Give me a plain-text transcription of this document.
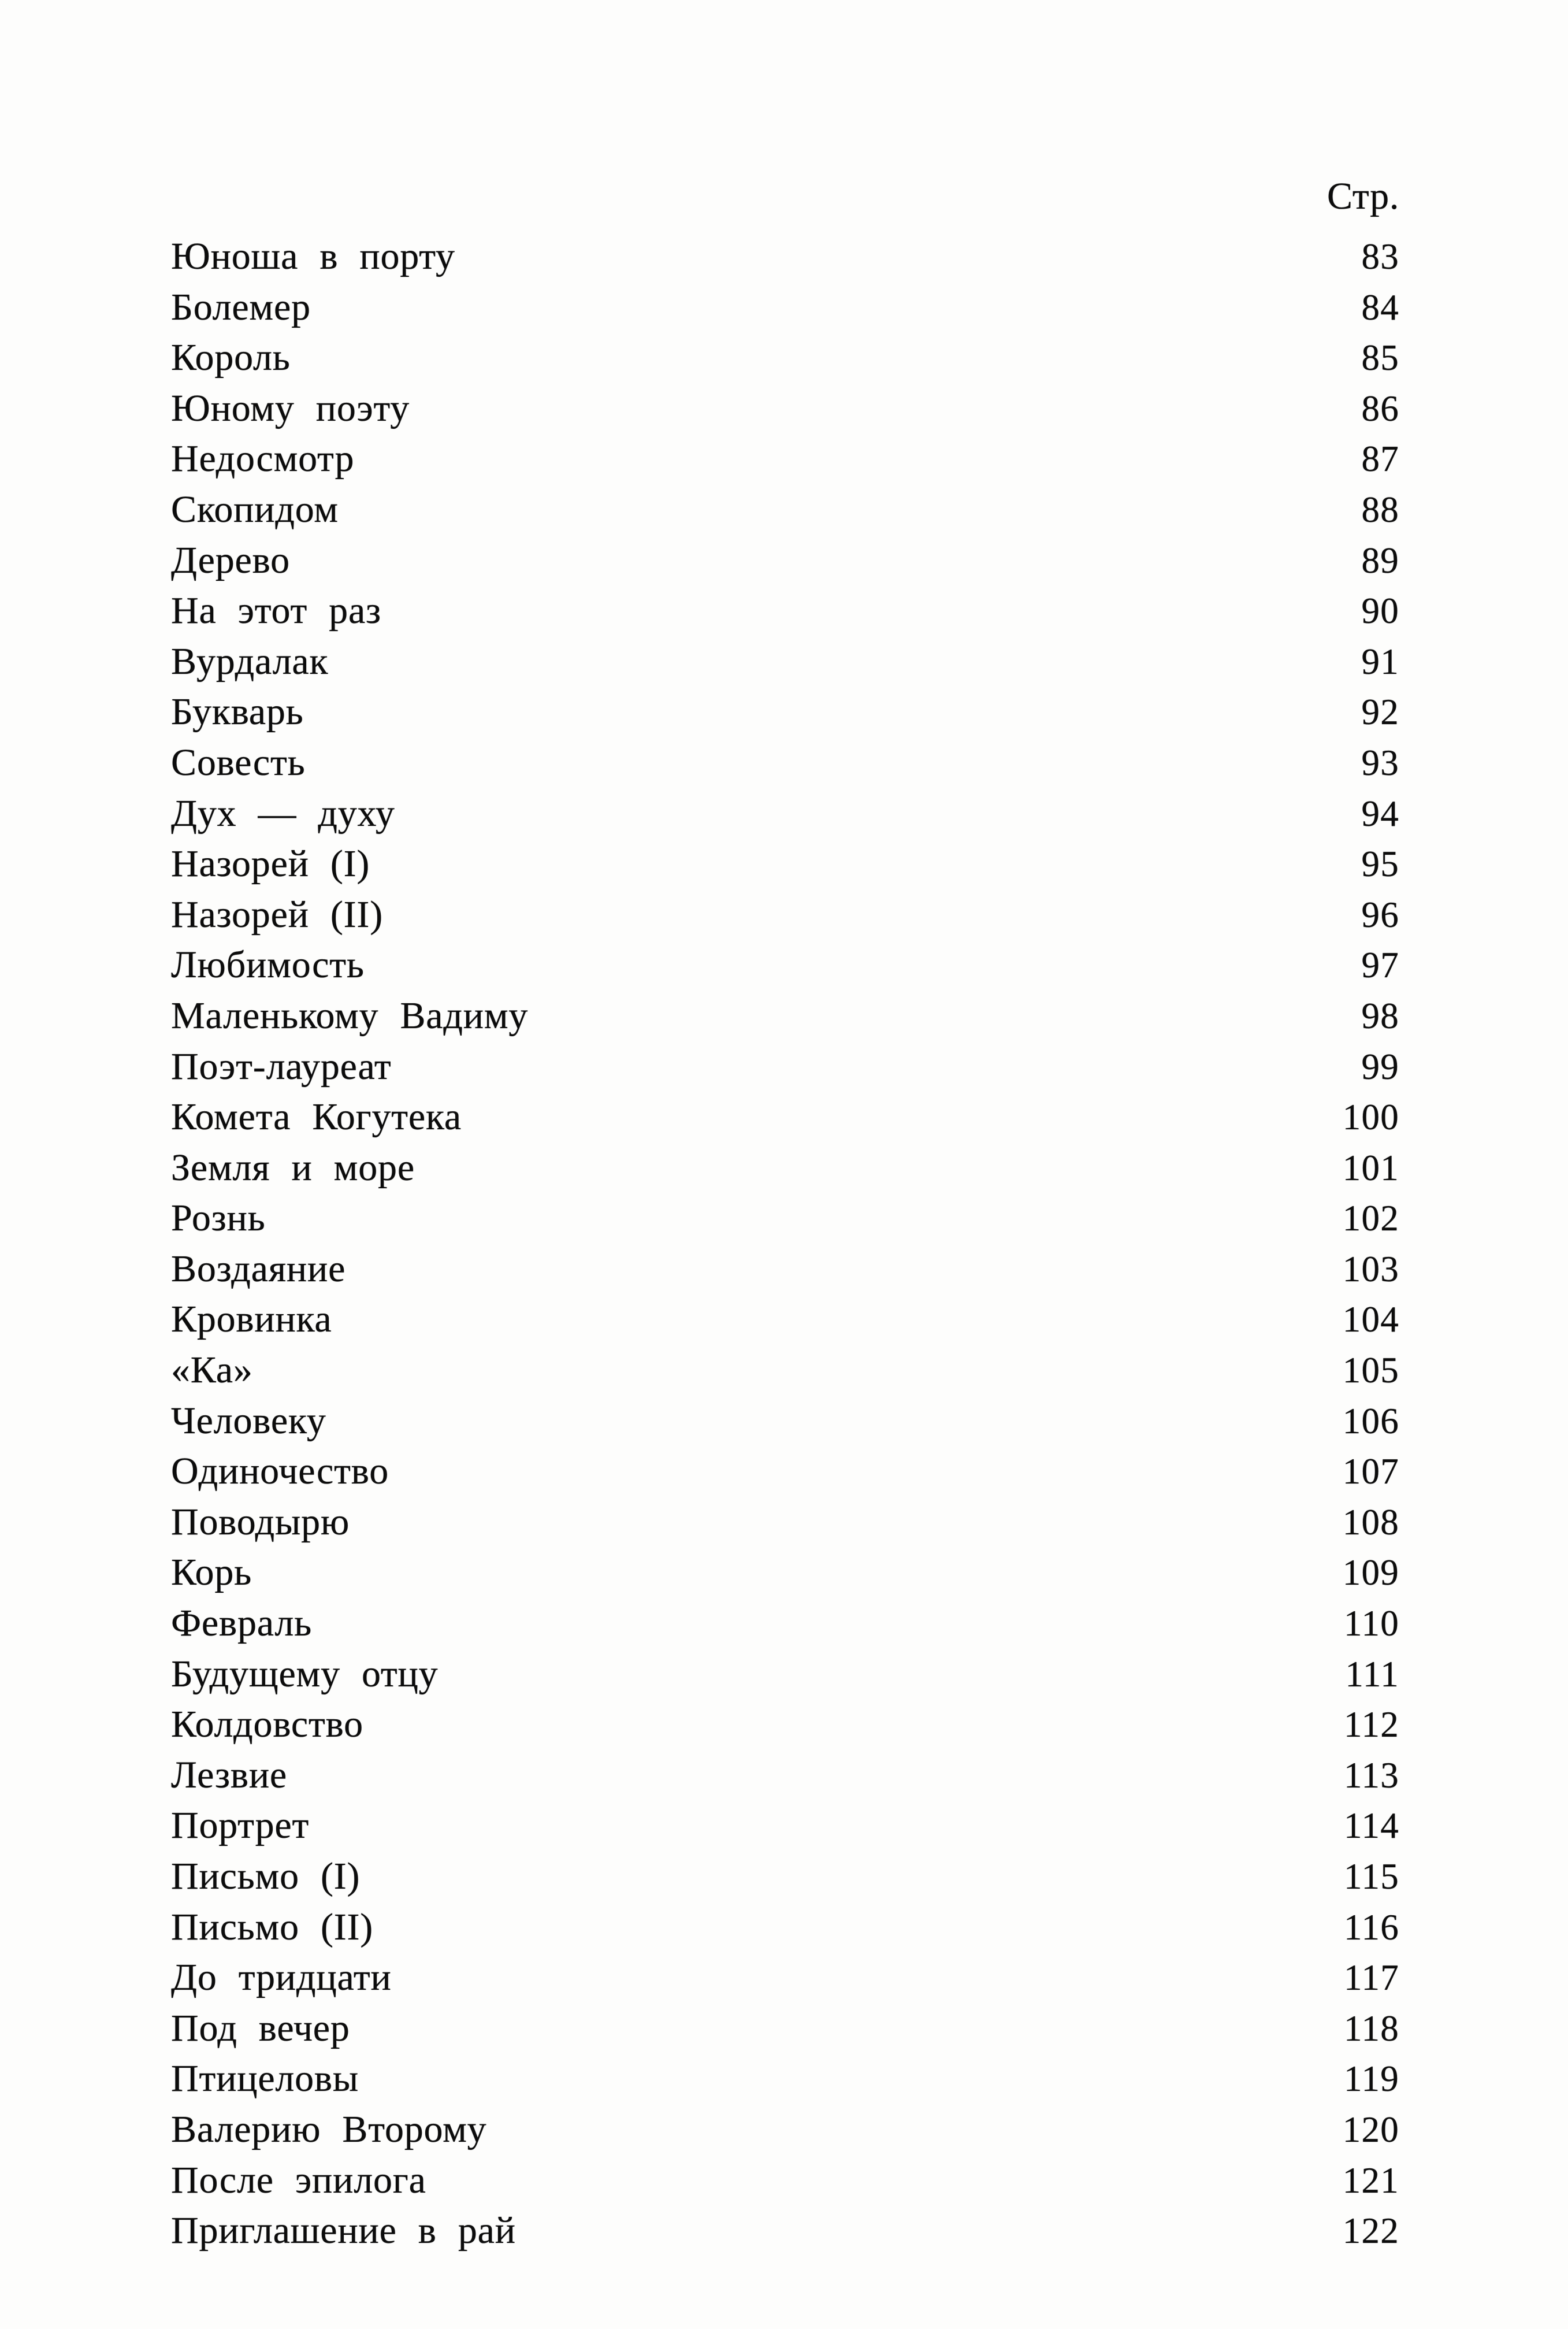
Стр.
Юноша в порту	83
Болемер	84
Король	85
Юному поэту	86
Недосмотр	87
Скопидом	88
Дерево	89
На этот раз	90
Вурдалак	91
Букварь	92
Совесть	93
Дух — духу	94
Назорей (I)	95
Назорей (II)	96
Любимость	97
Маленькому Вадиму	98
Поэт-лауреат	99
Комета Когутека	100
Земля и море	101
Рознь	102
Воздаяние	103
Кровинка	104
«Ка»	105
Человеку	106
Одиночество	107
Поводырю	108
Корь	109
Февраль	110
Будущему отцу	111
Колдовство	112
Лезвие	113
Портрет	114
Письмо (I)	115
Письмо (II)	116
До тридцати	117
Под вечер	118
Птицеловы	119
Валерию Второму	120
После эпилога	121
Приглашение в рай	122
